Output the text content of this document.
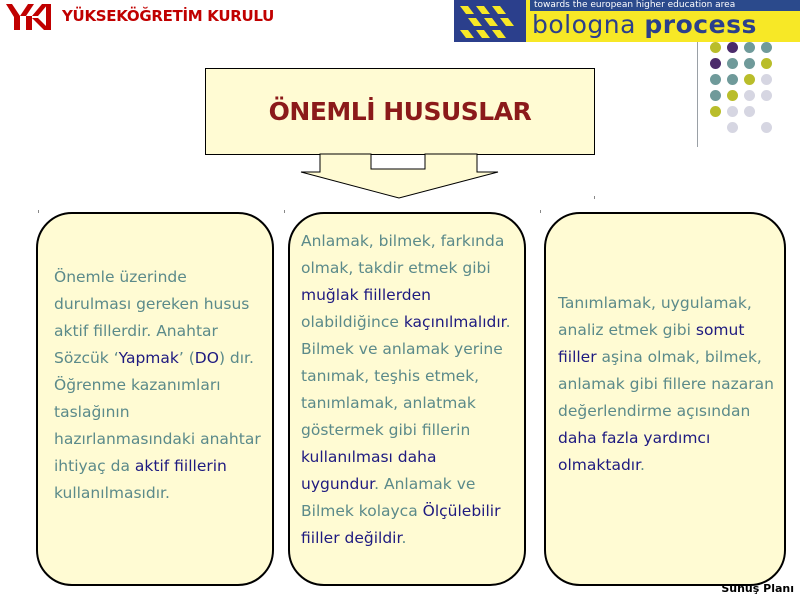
YÜKSEKÖĞRETİM KURULU
towards the european higher education area
bologna process
ÖNEMLİ HUSUSLAR

Önemle üzerinde durulması gereken husus aktif fillerdir. Anahtar Sözcük ‘Yapmak’ (DO) dır. Öğrenme kazanımları taslağının hazırlanmasındaki anahtar ihtiyaç da aktif fiillerin kullanılmasıdır.

Anlamak, bilmek, farkında olmak, takdir etmek gibi muğlak fiillerden olabildiğince kaçınılmalıdır. Bilmek ve anlamak yerine tanımak, teşhis etmek, tanımlamak, anlatmak göstermek gibi fillerin kullanılması daha uygundur. Anlamak ve Bilmek kolayca Ölçülebilir fiiller değildir.

Tanımlamak, uygulamak, analiz etmek gibi somut fiiller aşina olmak, bilmek, anlamak gibi fillere nazaran değerlendirme açısından daha fazla yardımcı olmaktadır.

Sunuş Planı
